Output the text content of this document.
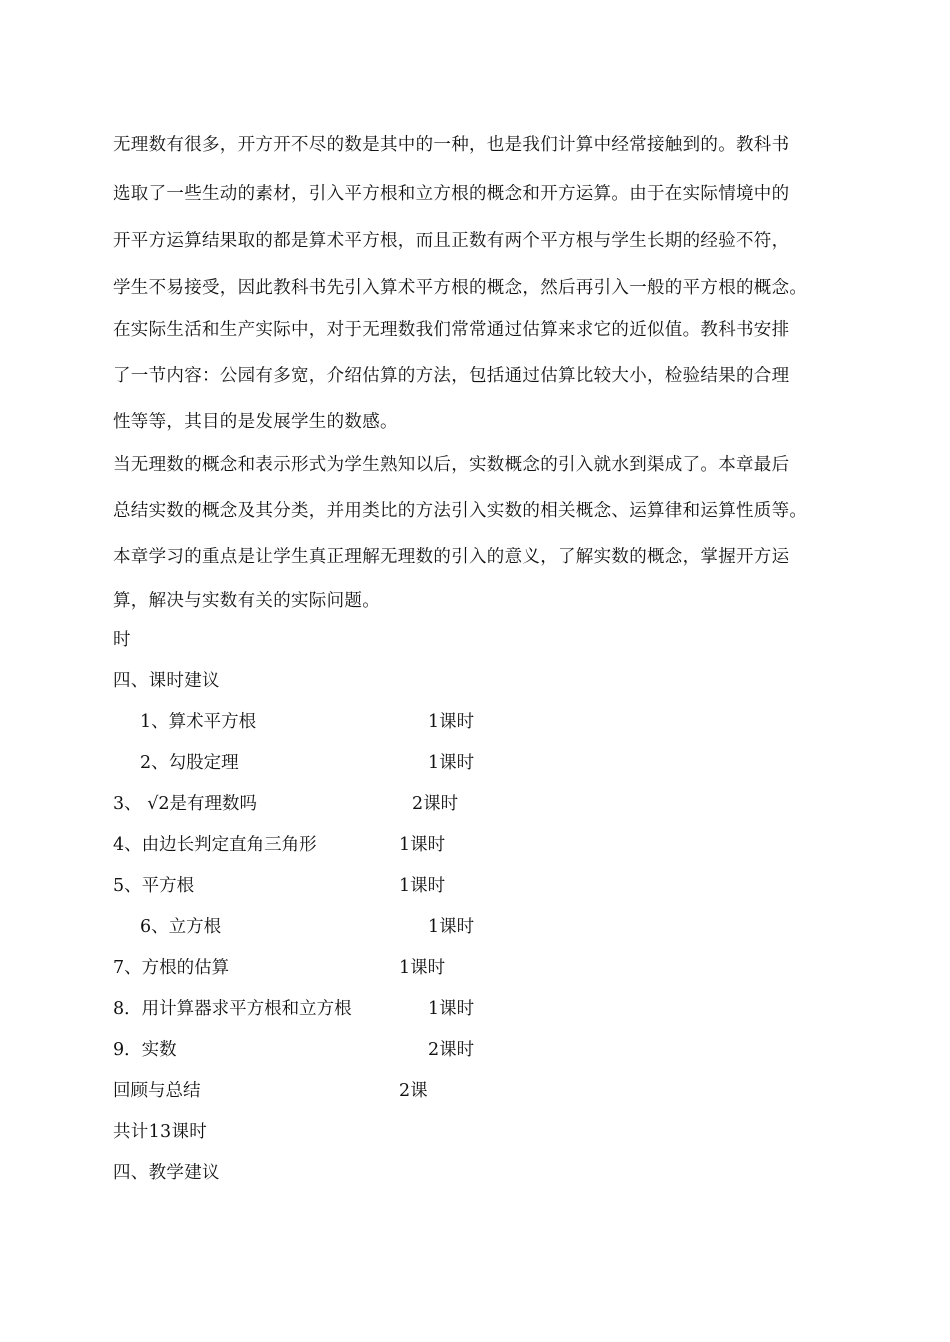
无理数有很多，开方开不尽的数是其中的一种，也是我们计算中经常接触到的。教科书
选取了一些生动的素材，引入平方根和立方根的概念和开方运算。由于在实际情境中的
开平方运算结果取的都是算术平方根，而且正数有两个平方根与学生长期的经验不符，
学生不易接受，因此教科书先引入算术平方根的概念，然后再引入一般的平方根的概念。
在实际生活和生产实际中，对于无理数我们常常通过估算来求它的近似值。教科书安排
了一节内容：公园有多宽，介绍估算的方法，包括通过估算比较大小，检验结果的合理
性等等，其目的是发展学生的数感。
当无理数的概念和表示形式为学生熟知以后，实数概念的引入就水到渠成了。本章最后
总结实数的概念及其分类，并用类比的方法引入实数的相关概念、运算律和运算性质等。
本章学习的重点是让学生真正理解无理数的引入的意义，了解实数的概念，掌握开方运
算，解决与实数有关的实际问题。
时
四、课时建议
1、算术平方根	1课时
2、勾股定理	1课时
3、 √2是有理数吗	2课时
4、由边长判定直角三角形	1课时
5、平方根	1课时
6、立方根	1课时
7、方根的估算	1课时
8．用计算器求平方根和立方根	1课时
9．实数	2课时
回顾与总结	2课
共计13课时
四、教学建议
